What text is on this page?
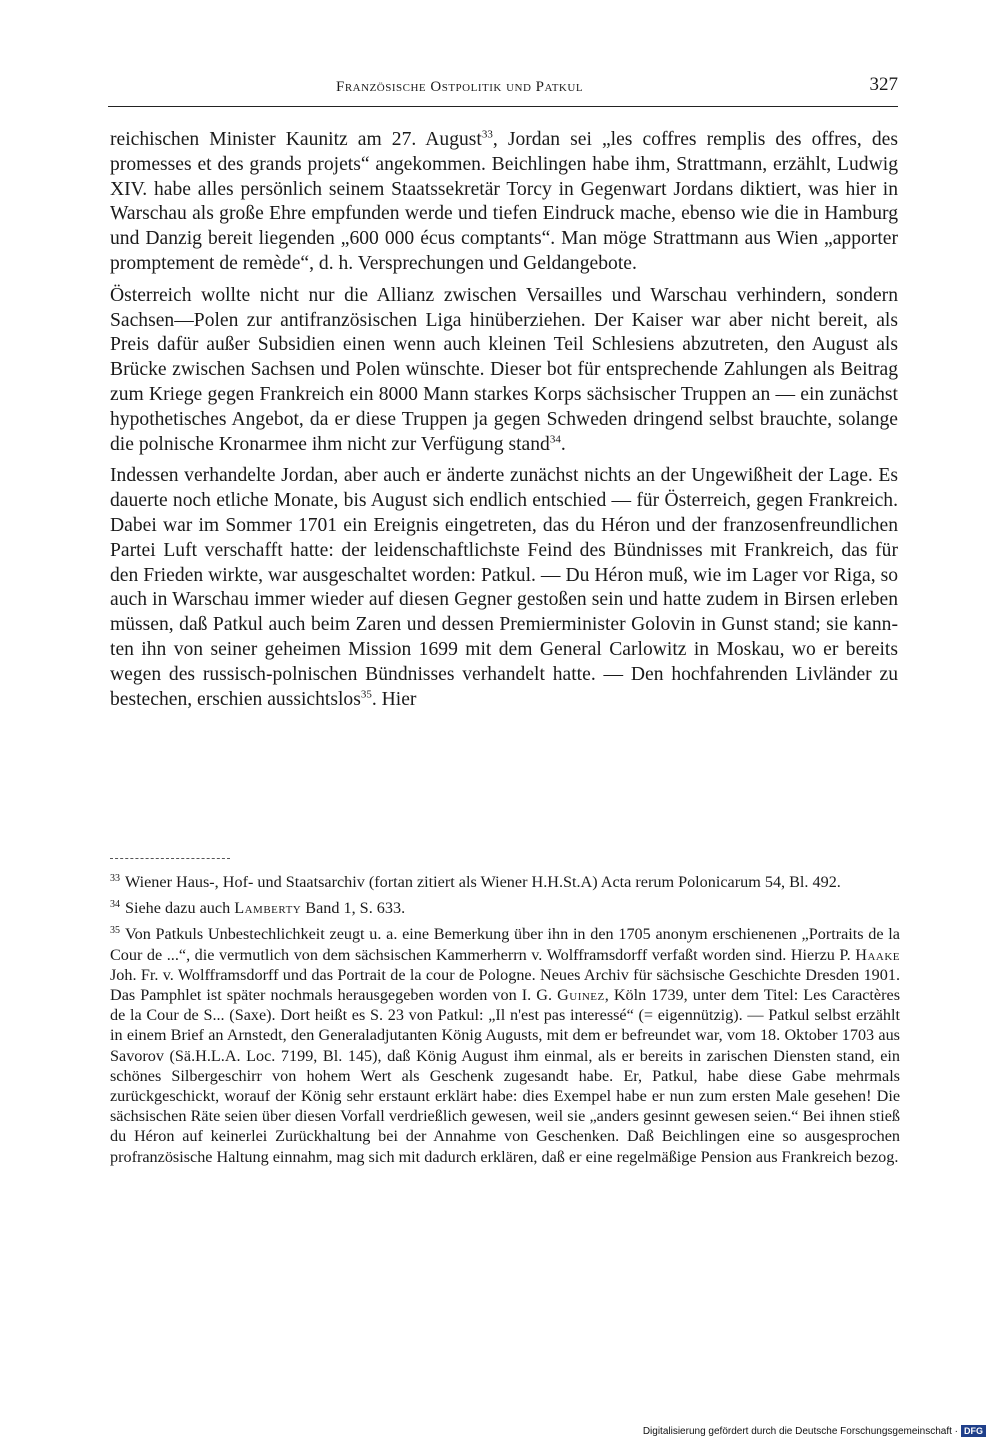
Französische Ostpolitik und Patkul	327

reichischen Minister Kaunitz am 27. August$^{33}$, Jordan sei „les coffres remplis des offres, des promesses et des grands projets“ angekommen. Beichlingen habe ihm, Strattmann, erzählt, Ludwig XIV. habe alles persönlich seinem Staatssekretär Torcy in Gegenwart Jordans diktiert, was hier in Warschau als große Ehre empfunden werde und tiefen Eindruck mache, ebenso wie die in Hamburg und Danzig bereit liegenden „600 000 écus comptants“. Man möge Strattmann aus Wien „apporter promptement de remède“, d. h. Versprechungen und Geldangebote.

Österreich wollte nicht nur die Allianz zwischen Versailles und Warschau verhindern, sondern Sachsen—Polen zur antifranzösischen Liga hinüberziehen. Der Kaiser war aber nicht bereit, als Preis dafür außer Subsidien einen wenn auch kleinen Teil Schlesiens abzutreten, den August als Brücke zwischen Sachsen und Polen wünschte. Dieser bot für entsprechende Zahlungen als Beitrag zum Kriege gegen Frankreich ein 8000 Mann starkes Korps sächsischer Truppen an — ein zunächst hypothetisches Angebot, da er diese Truppen ja gegen Schweden dringend selbst brauchte, solange die polnische Kronarmee ihm nicht zur Verfügung stand$^{34}$.

Indessen verhandelte Jordan, aber auch er änderte zunächst nichts an der Ungewißheit der Lage. Es dauerte noch etliche Monate, bis August sich endlich entschied — für Österreich, gegen Frankreich. Dabei war im Sommer 1701 ein Ereignis eingetreten, das du Héron und der franzosenfreundlichen Partei Luft verschafft hatte: der leidenschaftlichste Feind des Bündnisses mit Frankreich, das für den Frieden wirkte, war ausgeschaltet worden: Patkul. — Du Héron muß, wie im Lager vor Riga, so auch in Warschau immer wieder auf diesen Gegner gestoßen sein und hatte zudem in Birsen erleben müssen, daß Patkul auch beim Zaren und dessen Premierminister Golovin in Gunst stand; sie kannten ihn von seiner geheimen Mission 1699 mit dem General Carlowitz in Moskau, wo er bereits wegen des russisch-polnischen Bündnisses verhandelt hatte. — Den hochfahrenden Livländer zu bestechen, erschien aussichtslos$^{35}$. Hier

$^{33}$ Wiener Haus-, Hof- und Staatsarchiv (fortan zitiert als Wiener H.H.St.A) Acta rerum Polonicarum 54, Bl. 492.

$^{34}$ Siehe dazu auch Lamberty Band 1, S. 633.

$^{35}$ Von Patkuls Unbestechlichkeit zeugt u. a. eine Bemerkung über ihn in den 1705 anonym erschienenen „Portraits de la Cour de ...“, die vermutlich von dem sächsischen Kammerherrn v. Wolfframsdorff verfaßt worden sind. Hierzu P. Haake Joh. Fr. v. Wolfframsdorff und das Portrait de la cour de Pologne. Neues Archiv für sächsische Geschichte Dresden 1901. Das Pamphlet ist später nochmals herausgegeben worden von I. G. Guinez, Köln 1739, unter dem Titel: Les Caractères de la Cour de S... (Saxe). Dort heißt es S. 23 von Patkul: „Il n'est pas interessé“ (= eigennützig). — Patkul selbst erzählt in einem Brief an Arnstedt, den Generaladjutanten König Augusts, mit dem er befreundet war, vom 18. Oktober 1703 aus Savorov (Sä.H.L.A. Loc. 7199, Bl. 145), daß König August ihm einmal, als er bereits in zarischen Diensten stand, ein schönes Silbergeschirr von hohem Wert als Geschenk zugesandt habe. Er, Patkul, habe diese Gabe mehrmals zurückgeschickt, worauf der König sehr erstaunt erklärt habe: dies Exempel habe er nun zum ersten Male gesehen! Die sächsischen Räte seien über diesen Vorfall verdrießlich gewesen, weil sie „anders gesinnt gewesen seien.“ Bei ihnen stieß du Héron auf keinerlei Zurückhaltung bei der Annahme von Geschenken. Daß Beichlingen eine so ausgesprochen profranzösische Haltung einnahm, mag sich mit dadurch erklären, daß er eine regelmäßige Pension aus Frankreich bezog.

Digitalisierung gefördert durch die Deutsche Forschungsgemeinschaft · DFG
